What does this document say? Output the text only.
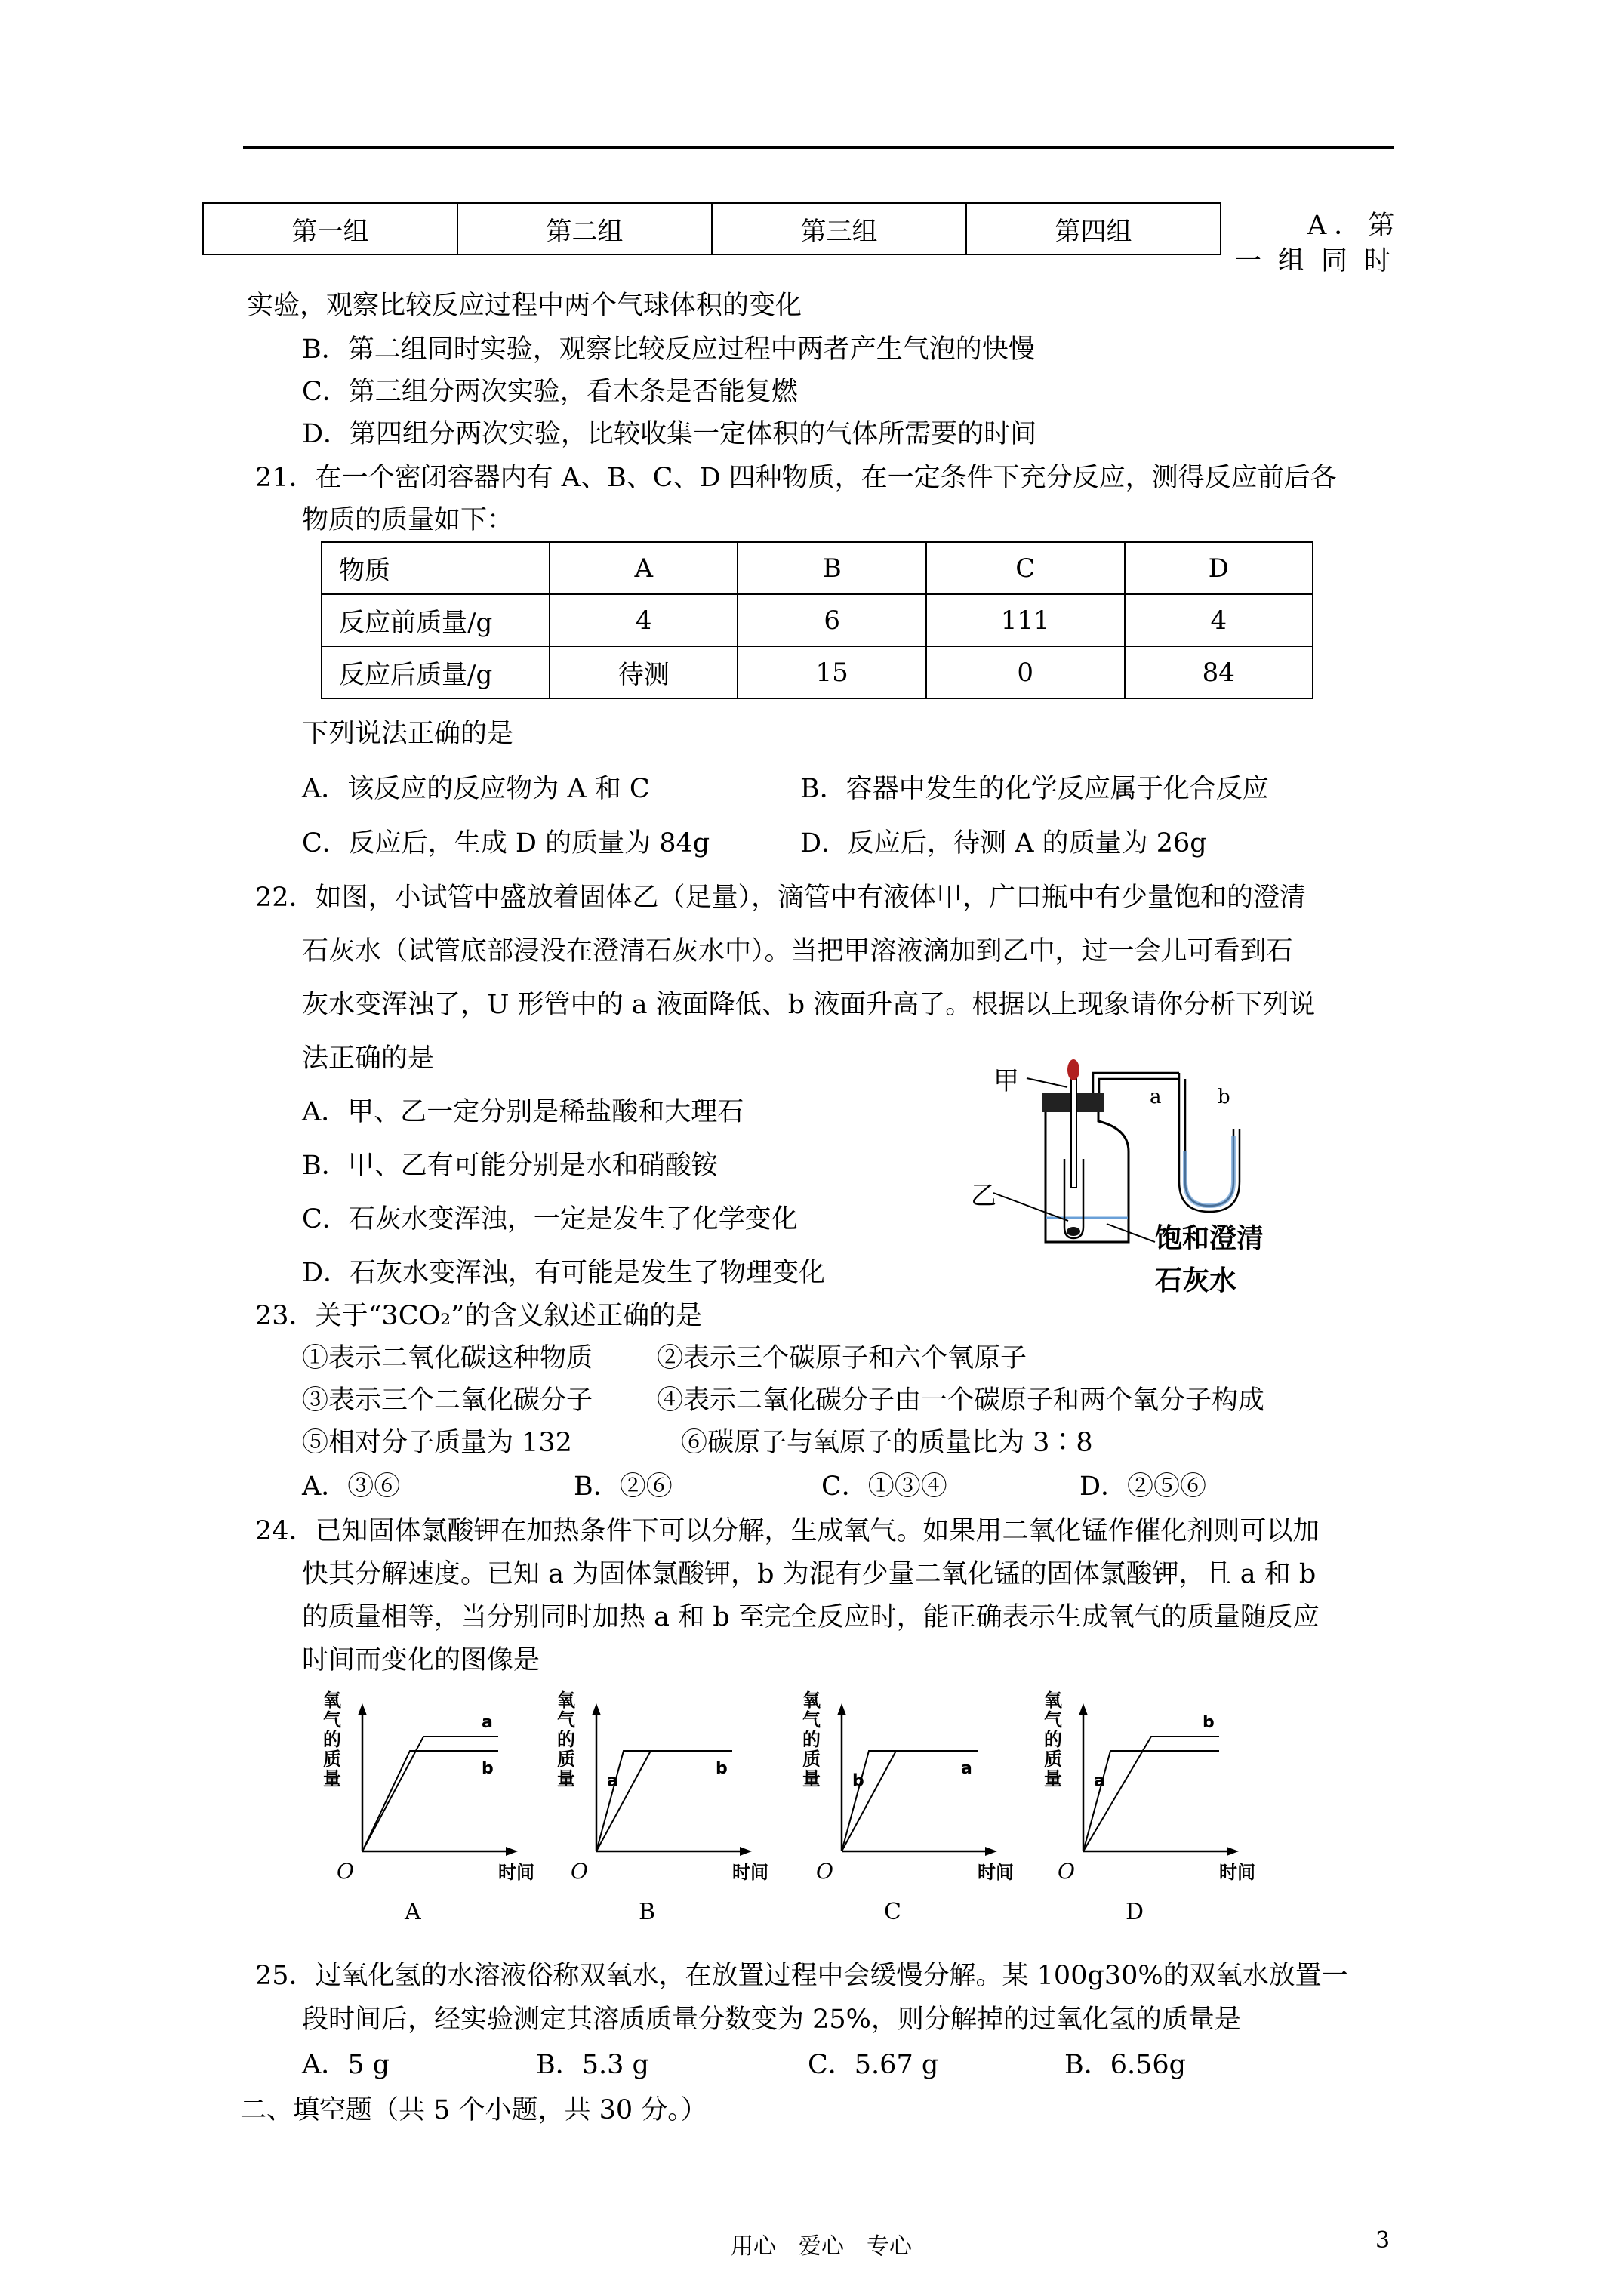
第一组	第二组	第三组	第四组	A．第
一组同时
实验，观察比较反应过程中两个气球体积的变化
B．第二组同时实验，观察比较反应过程中两者产生气泡的快慢
C．第三组分两次实验，看木条是否能复燃
D．第四组分两次实验，比较收集一定体积的气体所需要的时间
21．在一个密闭容器内有 A、B、C、D 四种物质，在一定条件下充分反应，测得反应前后各
物质的质量如下：
物质	A	B	C	D
反应前质量/g	4	6	111	4
反应后质量/g	待测	15	0	84
下列说法正确的是
A．该反应的反应物为 A 和 C	B．容器中发生的化学反应属于化合反应
C．反应后，生成 D 的质量为 84g	D．反应后，待测 A 的质量为 26g
22．如图，小试管中盛放着固体乙（足量），滴管中有液体甲，广口瓶中有少量饱和的澄清
石灰水（试管底部浸没在澄清石灰水中）。当把甲溶液滴加到乙中，过一会儿可看到石
灰水变浑浊了，U 形管中的 a 液面降低、b 液面升高了。根据以上现象请你分析下列说
法正确的是
A．甲、乙一定分别是稀盐酸和大理石
B．甲、乙有可能分别是水和硝酸铵
C．石灰水变浑浊，一定是发生了化学变化
D．石灰水变浑浊，有可能是发生了物理变化
甲
乙
a	b
饱和澄清
石灰水
23．关于“3CO₂”的含义叙述正确的是
①表示二氧化碳这种物质 ②表示三个碳原子和六个氧原子
③表示三个二氧化碳分子 ④表示二氧化碳分子由一个碳原子和两个氧分子构成
⑤相对分子质量为 132	⑥碳原子与氧原子的质量比为 3∶8
A．③⑥	B．②⑥	C．①③④	D．②⑤⑥
24．已知固体氯酸钾在加热条件下可以分解，生成氧气。如果用二氧化锰作催化剂则可以加
快其分解速度。已知 a 为固体氯酸钾，b 为混有少量二氧化锰的固体氯酸钾，且 a 和 b
的质量相等，当分别同时加热 a 和 b 至完全反应时，能正确表示生成氧气的质量随反应
时间而变化的图像是
氧
气
的
质
量
时间
O
a
b
A
氧
气
的
质
量
时间
O
a
b
B
氧
气
的
质
量
时间
O
b
a
C
氧
气
的
质
量
时间
O
b
a
D
25．过氧化氢的水溶液俗称双氧水，在放置过程中会缓慢分解。某 100g30%的双氧水放置一
段时间后，经实验测定其溶质质量分数变为 25%，则分解掉的过氧化氢的质量是
A．5 g	B．5.3 g	C．5.67 g	B．6.56g
二、填空题（共 5 个小题，共 30 分。）
用心　爱心　专心	3
